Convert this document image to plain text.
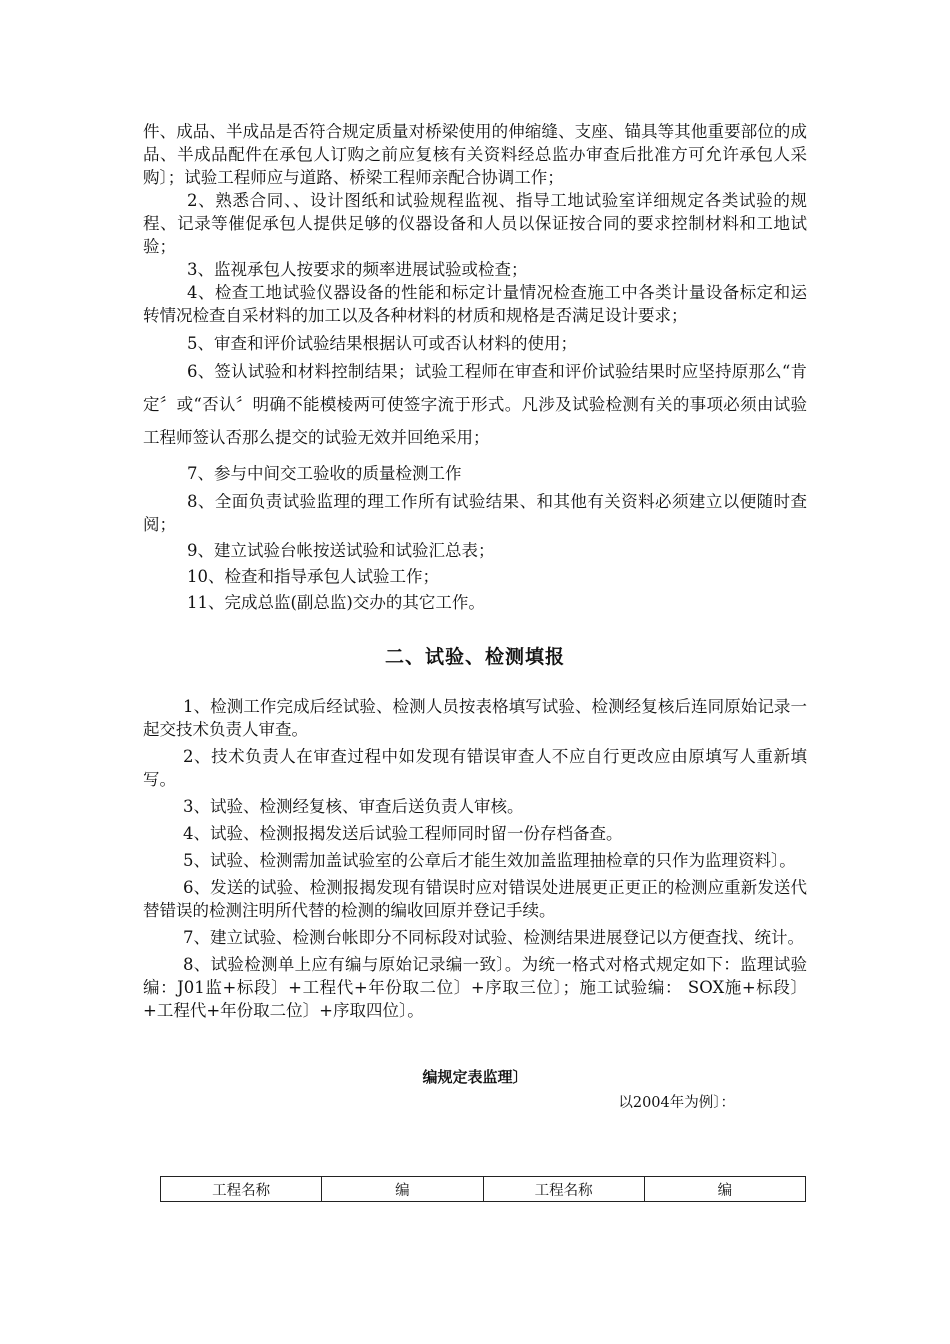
件、成品、半成品是否符合规定质量对桥梁使用的伸缩缝、支座、锚具等其他重要部位的成品、半成品配件在承包人订购之前应复核有关资料经总监办审查后批准方可允许承包人采购〕；试验工程师应与道路、桥梁工程师亲配合协调工作；

2、熟悉合同、、设计图纸和试验规程监视、指导工地试验室详细规定各类试验的规程、记录等催促承包人提供足够的仪器设备和人员以保证按合同的要求控制材料和工地试验；

3、监视承包人按要求的频率进展试验或检查；

4、检查工地试验仪器设备的性能和标定计量情况检查施工中各类计量设备标定和运转情况检查自采材料的加工以及各种材料的材质和规格是否满足设计要求；

5、审查和评价试验结果根据认可或否认材料的使用；

6、签认试验和材料控制结果；试验工程师在审查和评价试验结果时应坚持原那么“肯定〞或“否认〞明确不能模棱两可使签字流于形式。凡涉及试验检测有关的事项必须由试验工程师签认否那么提交的试验无效并回绝采用；

7、参与中间交工验收的质量检测工作

8、全面负责试验监理的理工作所有试验结果、和其他有关资料必须建立以便随时查阅；

9、建立试验台帐按送试验和试验汇总表；

10、检查和指导承包人试验工作；

11、完成总监(副总监)交办的其它工作。

二、试验、检测填报

1、检测工作完成后经试验、检测人员按表格填写试验、检测经复核后连同原始记录一起交技术负责人审查。

2、技术负责人在审查过程中如发现有错误审查人不应自行更改应由原填写人重新填写。

3、试验、检测经复核、审查后送负责人审核。

4、试验、检测报揭发送后试验工程师同时留一份存档备查。

5、试验、检测需加盖试验室的公章后才能生效加盖监理抽检章的只作为监理资料〕。

6、发送的试验、检测报揭发现有错误时应对错误处进展更正更正的检测应重新发送代替错误的检测注明所代替的检测的编收回原并登记手续。

7、建立试验、检测台帐即分不同标段对试验、检测结果进展登记以方便查找、统计。

8、试验检测单上应有编与原始记录编一致〕。为统一格式对格式规定如下：监理试验编：J01监+标段〕+工程代+年份取二位〕+序取三位〕；施工试验编： SOX施+标段〕+工程代+年份取二位〕+序取四位〕。

编规定表监理〕
以2004年为例〕：
工程名称	编	工程名称	编
